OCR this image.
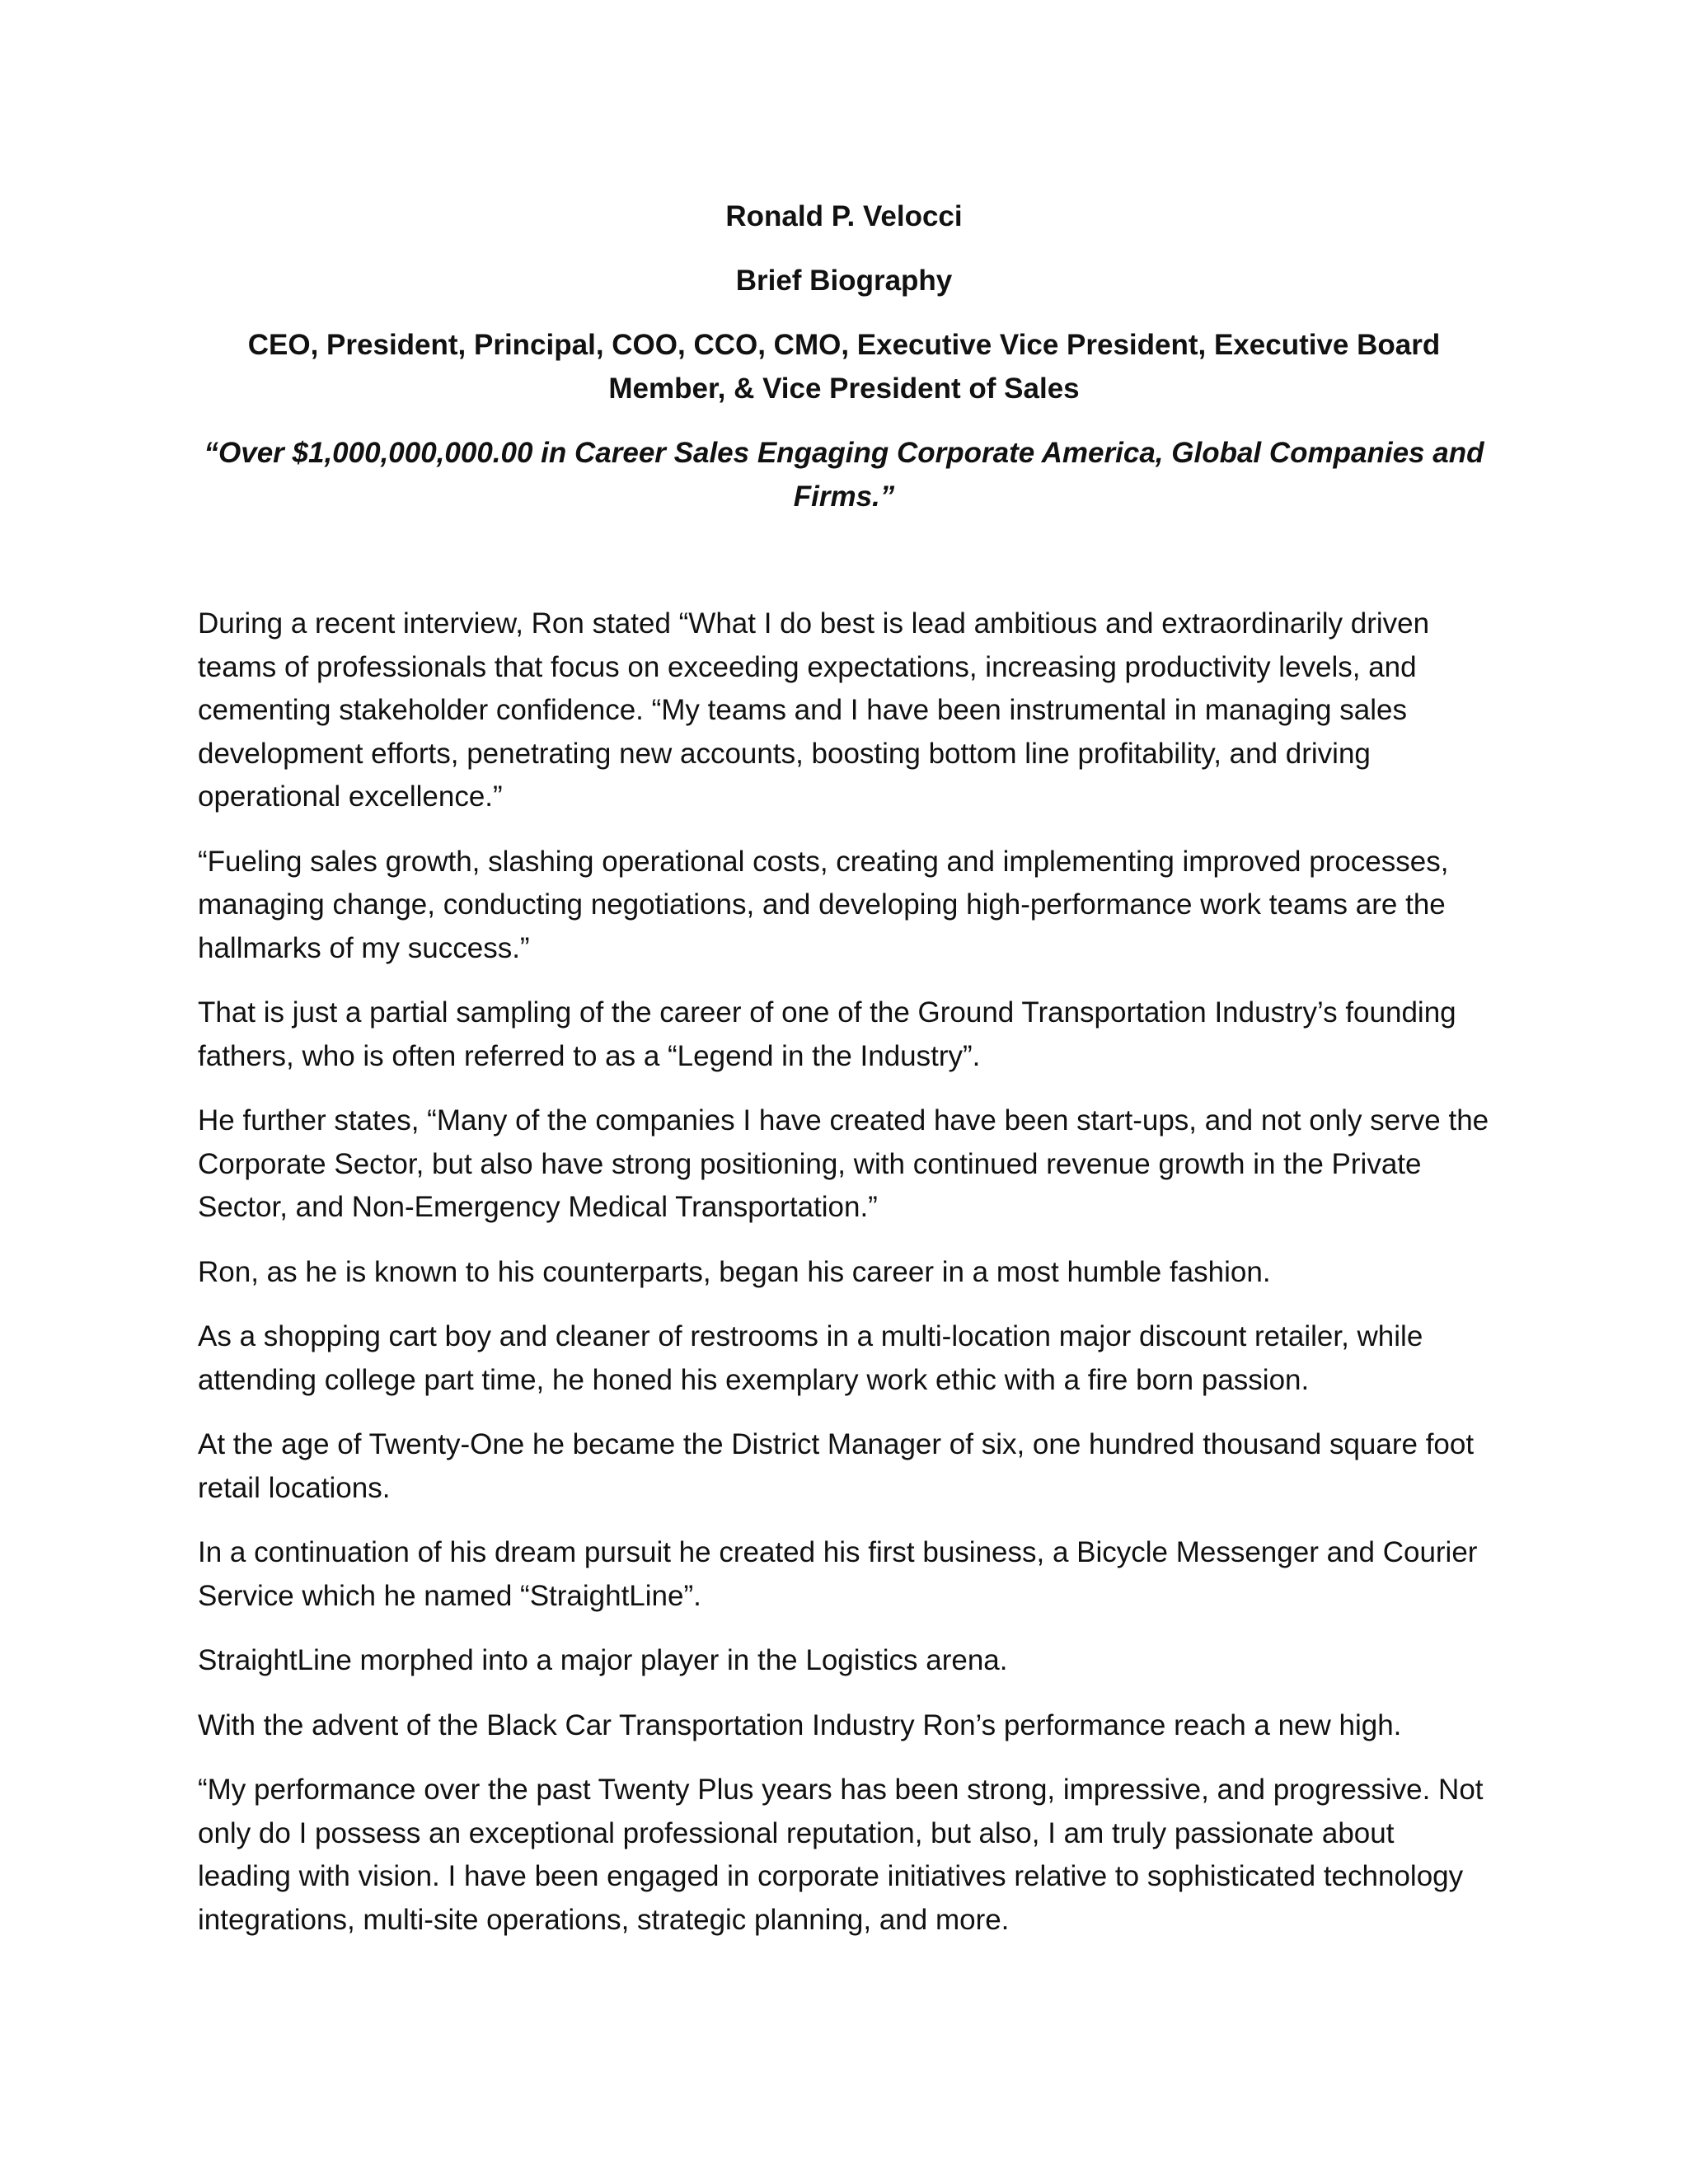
Ronald P. Velocci

Brief Biography

CEO, President, Principal, COO, CCO, CMO, Executive Vice President, Executive Board Member, & Vice President of Sales

“Over $1,000,000,000.00 in Career Sales Engaging Corporate America, Global Companies and Firms.”

During a recent interview, Ron stated “What I do best is lead ambitious and extraordinarily driven teams of professionals that focus on exceeding expectations, increasing productivity levels, and cementing stakeholder confidence. “My teams and I have been instrumental in managing sales development efforts, penetrating new accounts, boosting bottom line profitability, and driving operational excellence.”

“Fueling sales growth, slashing operational costs, creating and implementing improved processes, managing change, conducting negotiations, and developing high-performance work teams are the hallmarks of my success.”

That is just a partial sampling of the career of one of the Ground Transportation Industry’s founding fathers, who is often referred to as a “Legend in the Industry”.

He further states, “Many of the companies I have created have been start-ups, and not only serve the Corporate Sector, but also have strong positioning, with continued revenue growth in the Private Sector, and Non-Emergency Medical Transportation.”

Ron, as he is known to his counterparts, began his career in a most humble fashion.

As a shopping cart boy and cleaner of restrooms in a multi-location major discount retailer, while attending college part time, he honed his exemplary work ethic with a fire born passion.

At the age of Twenty-One he became the District Manager of six, one hundred thousand square foot retail locations.

In a continuation of his dream pursuit he created his first business, a Bicycle Messenger and Courier Service which he named “StraightLine”.

StraightLine morphed into a major player in the Logistics arena.

With the advent of the Black Car Transportation Industry Ron’s performance reach a new high.

“My performance over the past Twenty Plus years has been strong, impressive, and progressive. Not only do I possess an exceptional professional reputation, but also, I am truly passionate about leading with vision. I have been engaged in corporate initiatives relative to sophisticated technology integrations, multi-site operations, strategic planning, and more.
